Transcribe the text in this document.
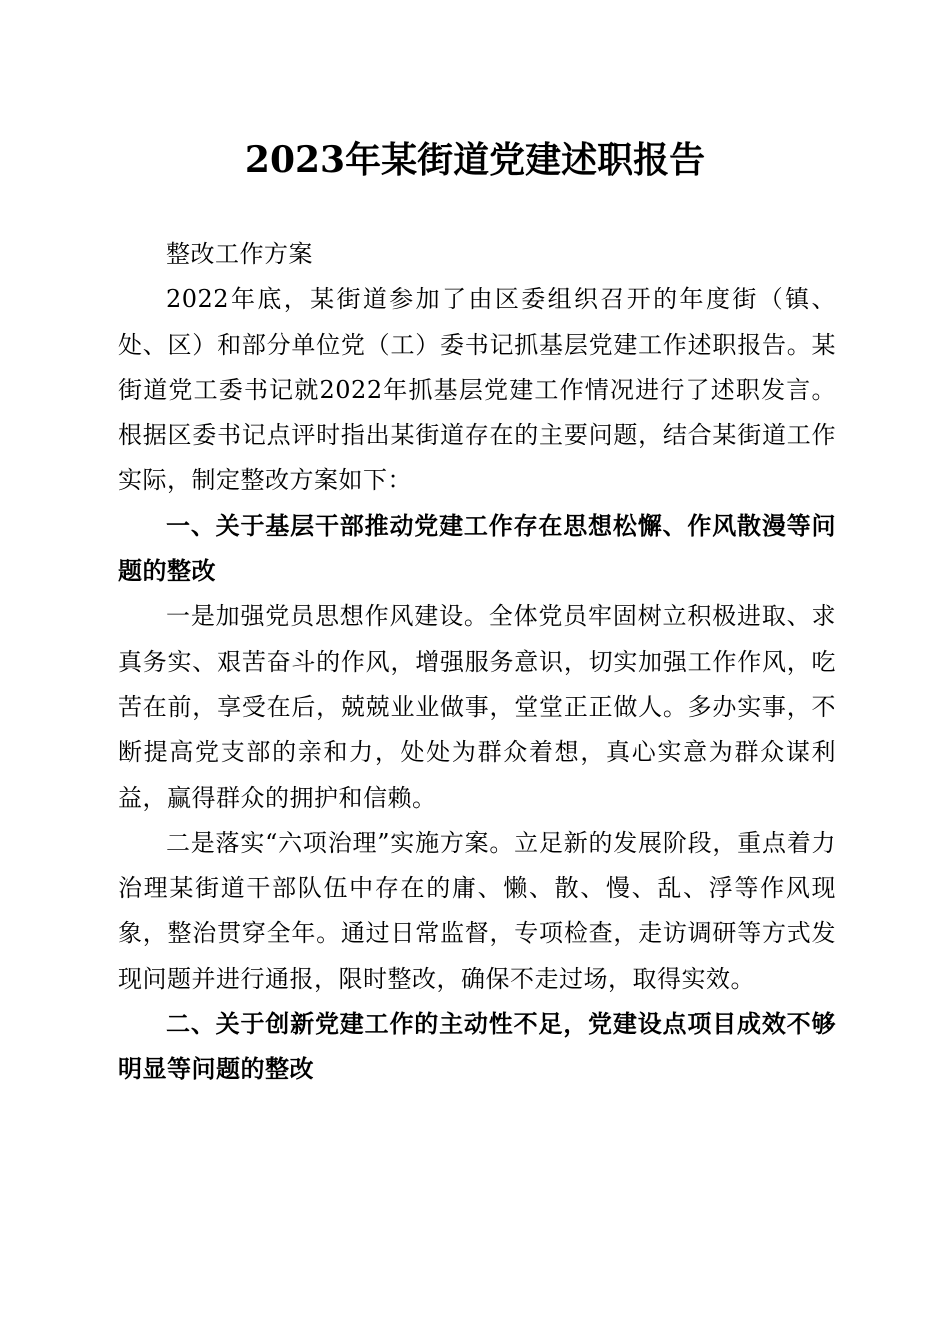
2023年某街道党建述职报告

整改工作方案

2022年底，某街道参加了由区委组织召开的年度街（镇、处、区）和部分单位党（工）委书记抓基层党建工作述职报告。某街道党工委书记就2022年抓基层党建工作情况进行了述职发言。根据区委书记点评时指出某街道存在的主要问题，结合某街道工作实际，制定整改方案如下：

一、关于基层干部推动党建工作存在思想松懈、作风散漫等问题的整改

一是加强党员思想作风建设。全体党员牢固树立积极进取、求真务实、艰苦奋斗的作风，增强服务意识，切实加强工作作风，吃苦在前，享受在后，兢兢业业做事，堂堂正正做人。多办实事，不断提高党支部的亲和力，处处为群众着想，真心实意为群众谋利益，赢得群众的拥护和信赖。

二是落实“六项治理”实施方案。立足新的发展阶段，重点着力治理某街道干部队伍中存在的庸、懒、散、慢、乱、浮等作风现象，整治贯穿全年。通过日常监督，专项检查，走访调研等方式发现问题并进行通报，限时整改，确保不走过场，取得实效。

二、关于创新党建工作的主动性不足，党建设点项目成效不够明显等问题的整改
